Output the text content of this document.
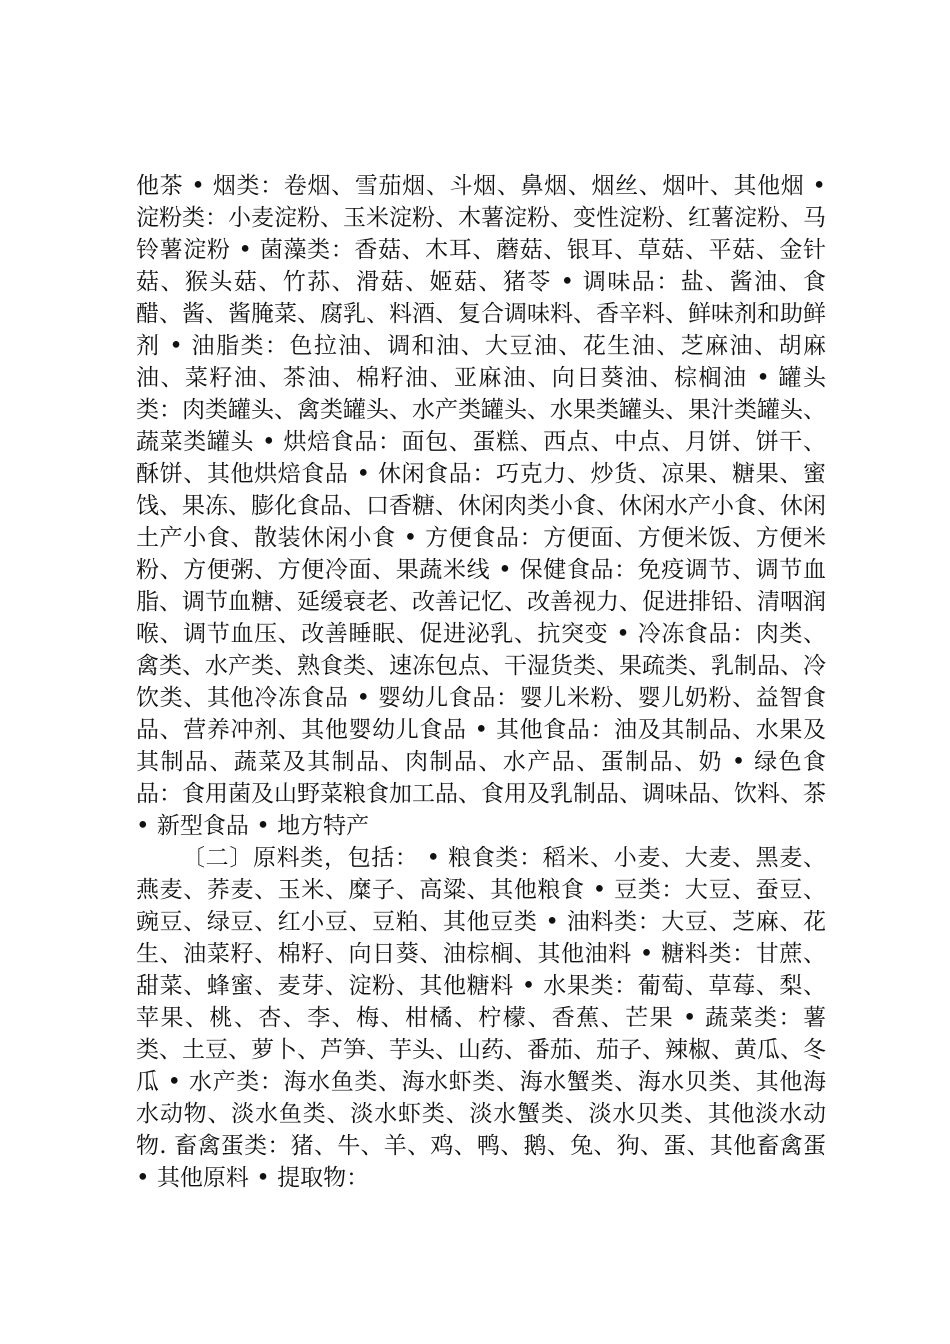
他茶 • 烟类：卷烟、雪茄烟、斗烟、鼻烟、烟丝、烟叶、其他烟 • 淀粉类：小麦淀粉、玉米淀粉、木薯淀粉、变性淀粉、红薯淀粉、马铃薯淀粉 • 菌藻类：香菇、木耳、蘑菇、银耳、草菇、平菇、金针菇、猴头菇、竹荪、滑菇、姬菇、猪苓 • 调味品：盐、酱油、食醋、酱、酱腌菜、腐乳、料酒、复合调味料、香辛料、鲜味剂和助鲜剂 • 油脂类：色拉油、调和油、大豆油、花生油、芝麻油、胡麻油、菜籽油、茶油、棉籽油、亚麻油、向日葵油、棕榈油 • 罐头类：肉类罐头、禽类罐头、水产类罐头、水果类罐头、果汁类罐头、蔬菜类罐头 • 烘焙食品：面包、蛋糕、西点、中点、月饼、饼干、酥饼、其他烘焙食品 • 休闲食品：巧克力、炒货、凉果、糖果、蜜饯、果冻、膨化食品、口香糖、休闲肉类小食、休闲水产小食、休闲土产小食、散装休闲小食 • 方便食品：方便面、方便米饭、方便米粉、方便粥、方便冷面、果蔬米线 • 保健食品：免疫调节、调节血脂、调节血糖、延缓衰老、改善记忆、改善视力、促进排铅、清咽润喉、调节血压、改善睡眠、促进泌乳、抗突变 • 冷冻食品：肉类、禽类、水产类、熟食类、速冻包点、干湿货类、果疏类、乳制品、冷饮类、其他冷冻食品 • 婴幼儿食品：婴儿米粉、婴儿奶粉、益智食品、营养冲剂、其他婴幼儿食品 • 其他食品：油及其制品、水果及其制品、蔬菜及其制品、肉制品、水产品、蛋制品、奶 • 绿色食品：食用菌及山野菜粮食加工品、食用及乳制品、调味品、饮料、茶 • 新型食品 • 地方特产

〔二〕原料类，包括： • 粮食类：稻米、小麦、大麦、黑麦、燕麦、荞麦、玉米、糜子、高粱、其他粮食 • 豆类：大豆、蚕豆、豌豆、绿豆、红小豆、豆粕、其他豆类 • 油料类：大豆、芝麻、花生、油菜籽、棉籽、向日葵、油棕榈、其他油料 • 糖料类：甘蔗、甜菜、蜂蜜、麦芽、淀粉、其他糖料 • 水果类：葡萄、草莓、梨、苹果、桃、杏、李、梅、柑橘、柠檬、香蕉、芒果 • 蔬菜类：薯类、土豆、萝卜、芦笋、芋头、山药、番茄、茄子、辣椒、黄瓜、冬瓜 • 水产类：海水鱼类、海水虾类、海水蟹类、海水贝类、其他海水动物、淡水鱼类、淡水虾类、淡水蟹类、淡水贝类、其他淡水动物. 畜禽蛋类：猪、牛、羊、鸡、鸭、鹅、兔、狗、蛋、其他畜禽蛋 • 其他原料 • 提取物：
